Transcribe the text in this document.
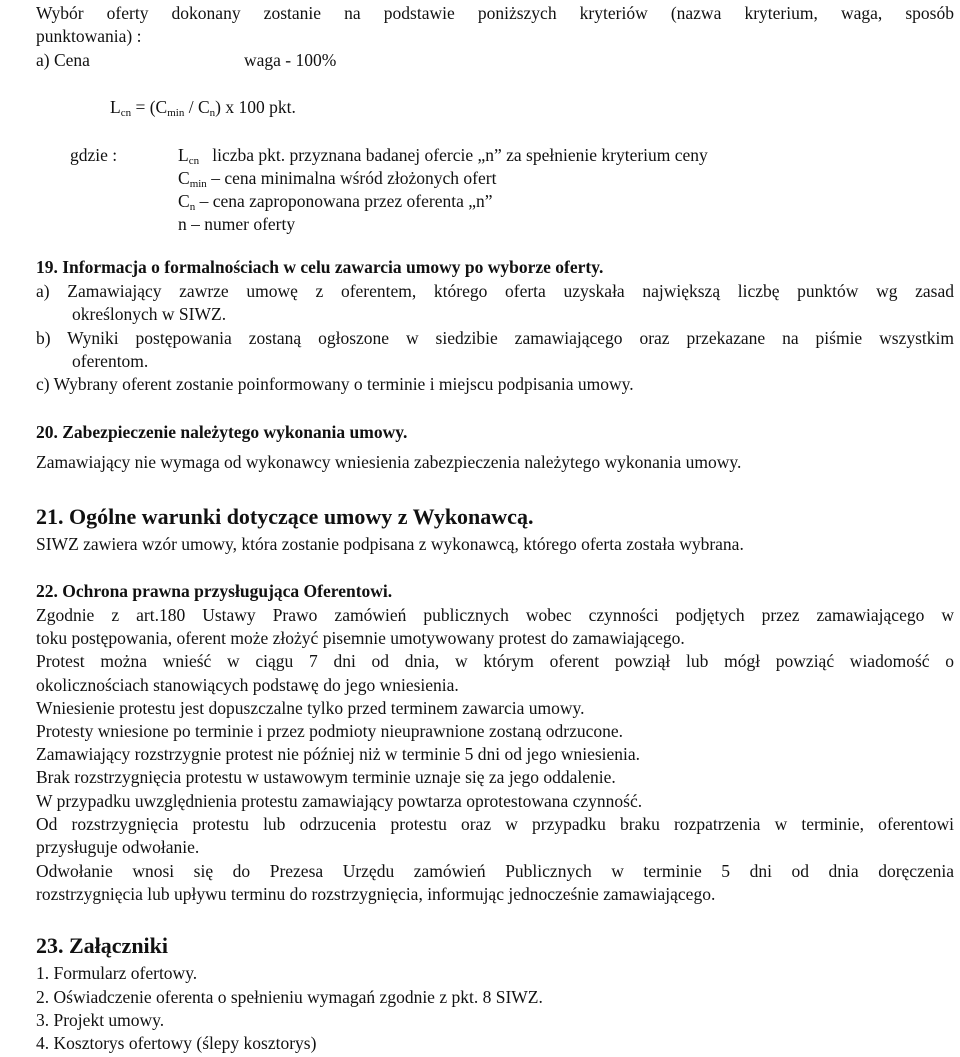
Wybór oferty dokonany zostanie na podstawie poniższych kryteriów (nazwa kryterium, waga, sposób
punktowania) :
a) Cena	waga - 100%
$L_{cn} = (C_{min} / C_n)$ x 100 pkt.
gdzie :	$L_{cn}$ liczba pkt. przyznana badanej ofercie „n” za spełnienie kryterium ceny
$C_{min}$ – cena minimalna wśród złożonych ofert
$C_n$ – cena zaproponowana przez oferenta „n”
n – numer oferty
19. Informacja o formalnościach w celu zawarcia umowy po wyborze oferty.
a) Zamawiający zawrze umowę z oferentem, którego oferta uzyskała największą liczbę punktów wg zasad
określonych w SIWZ.
b) Wyniki postępowania zostaną ogłoszone w siedzibie zamawiającego oraz przekazane na piśmie wszystkim
oferentom.
c) Wybrany oferent zostanie poinformowany o terminie i miejscu podpisania umowy.
20. Zabezpieczenie należytego wykonania umowy.
Zamawiający nie wymaga od wykonawcy wniesienia zabezpieczenia należytego wykonania umowy.
21. Ogólne warunki dotyczące umowy z Wykonawcą.
SIWZ zawiera wzór umowy, która zostanie podpisana z wykonawcą, którego oferta została wybrana.
22. Ochrona prawna przysługująca Oferentowi.
Zgodnie z art.180 Ustawy Prawo zamówień publicznych wobec czynności podjętych przez zamawiającego w
toku postępowania, oferent może złożyć pisemnie umotywowany protest do zamawiającego.
Protest można wnieść w ciągu 7 dni od dnia, w którym oferent powziął lub mógł powziąć wiadomość o
okolicznościach stanowiących podstawę do jego wniesienia.
Wniesienie protestu jest dopuszczalne tylko przed terminem zawarcia umowy.
Protesty wniesione po terminie i przez podmioty nieuprawnione zostaną odrzucone.
Zamawiający rozstrzygnie protest nie później niż w terminie 5 dni od jego wniesienia.
Brak rozstrzygnięcia protestu w ustawowym terminie uznaje się za jego oddalenie.
W przypadku uwzględnienia protestu zamawiający powtarza oprotestowana czynność.
Od rozstrzygnięcia protestu lub odrzucenia protestu oraz w przypadku braku rozpatrzenia w terminie, oferentowi
przysługuje odwołanie.
Odwołanie wnosi się do Prezesa Urzędu zamówień Publicznych w terminie 5 dni od dnia doręczenia
rozstrzygnięcia lub upływu terminu do rozstrzygnięcia, informując jednocześnie zamawiającego.
23. Załączniki
1. Formularz ofertowy.
2. Oświadczenie oferenta o spełnieniu wymagań zgodnie z pkt. 8 SIWZ.
3. Projekt umowy.
4. Kosztorys ofertowy (ślepy kosztorys)
